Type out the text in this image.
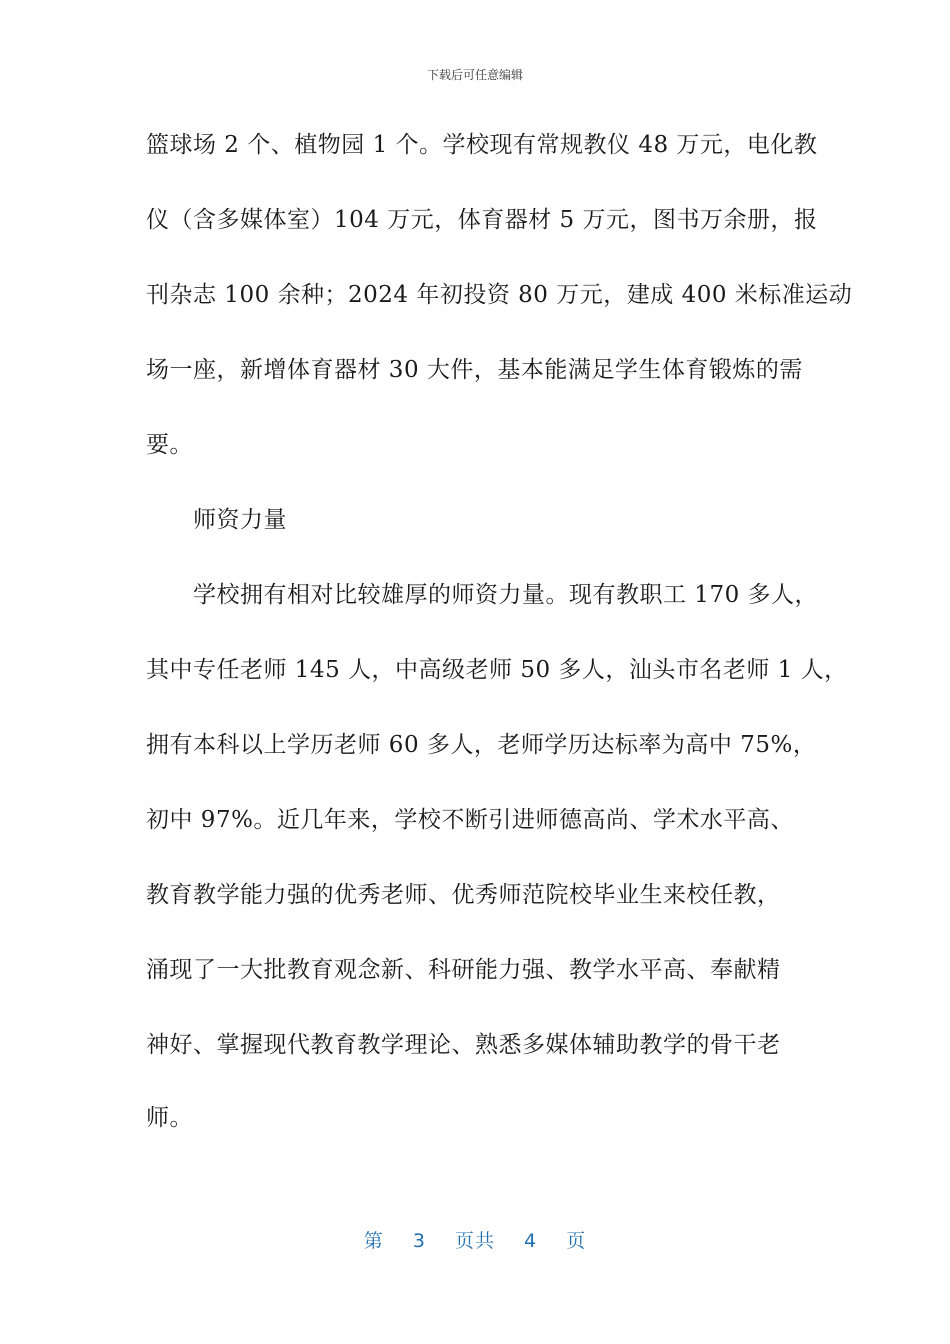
下载后可任意编辑
篮球场 2 个、植物园 1 个。学校现有常规教仪 48 万元，电化教
仪（含多媒体室）104 万元，体育器材 5 万元，图书万余册，报
刊杂志 100 余种；2024 年初投资 80 万元，建成 400 米标准运动
场一座，新增体育器材 30 大件，基本能满足学生体育锻炼的需
要。
师资力量
学校拥有相对比较雄厚的师资力量。现有教职工 170 多人，
其中专任老师 145 人，中高级老师 50 多人，汕头市名老师 1 人，
拥有本科以上学历老师 60 多人，老师学历达标率为高中 75%，
初中 97%。近几年来，学校不断引进师德高尚、学术水平高、
教育教学能力强的优秀老师、优秀师范院校毕业生来校任教，
涌现了一大批教育观念新、科研能力强、教学水平高、奉献精
神好、掌握现代教育教学理论、熟悉多媒体辅助教学的骨干老
师。
第 3 页共 4 页
